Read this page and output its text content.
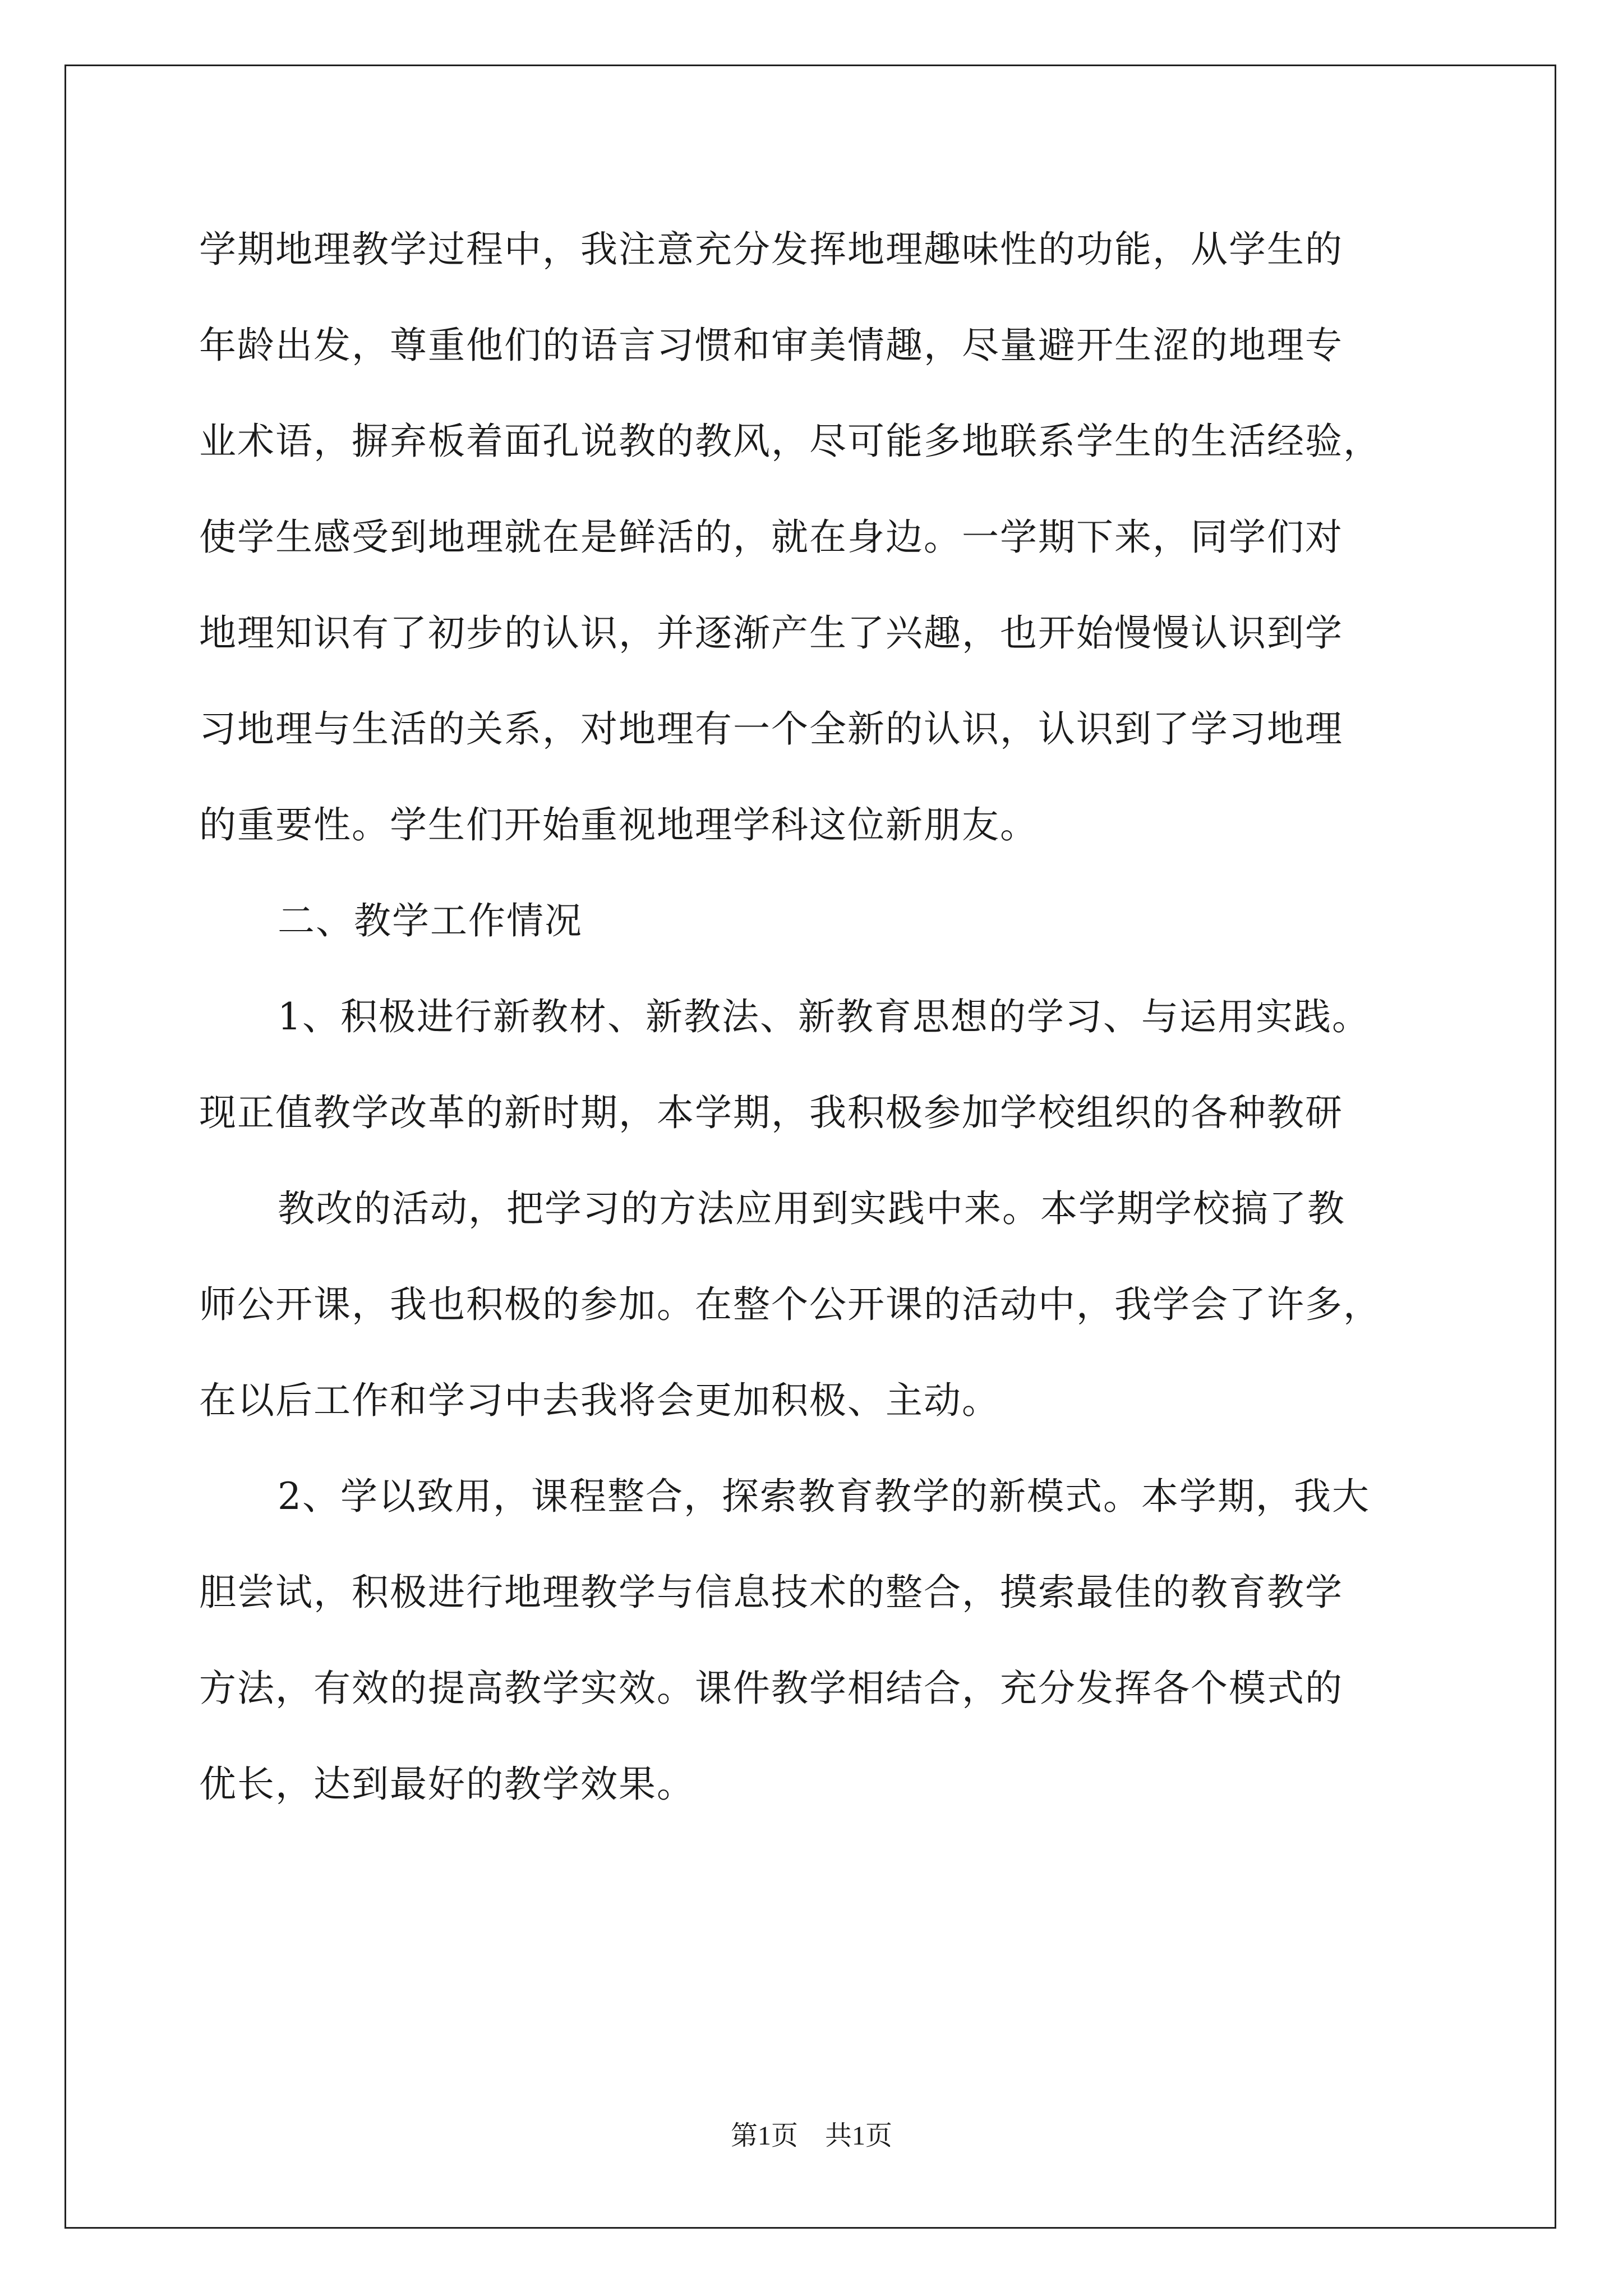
学期地理教学过程中，我注意充分发挥地理趣味性的功能，从学生的
年龄出发，尊重他们的语言习惯和审美情趣，尽量避开生涩的地理专
业术语，摒弃板着面孔说教的教风，尽可能多地联系学生的生活经验，
使学生感受到地理就在是鲜活的，就在身边。一学期下来，同学们对
地理知识有了初步的认识，并逐渐产生了兴趣，也开始慢慢认识到学
习地理与生活的关系，对地理有一个全新的认识，认识到了学习地理
的重要性。学生们开始重视地理学科这位新朋友。
二、教学工作情况
1、积极进行新教材、新教法、新教育思想的学习、与运用实践。
现正值教学改革的新时期，本学期，我积极参加学校组织的各种教研
教改的活动，把学习的方法应用到实践中来。本学期学校搞了教
师公开课，我也积极的参加。在整个公开课的活动中，我学会了许多，
在以后工作和学习中去我将会更加积极、主动。
2、学以致用，课程整合，探索教育教学的新模式。本学期，我大
胆尝试，积极进行地理教学与信息技术的整合，摸索最佳的教育教学
方法，有效的提高教学实效。课件教学相结合，充分发挥各个模式的
优长，达到最好的教学效果。
第1页　共1页
